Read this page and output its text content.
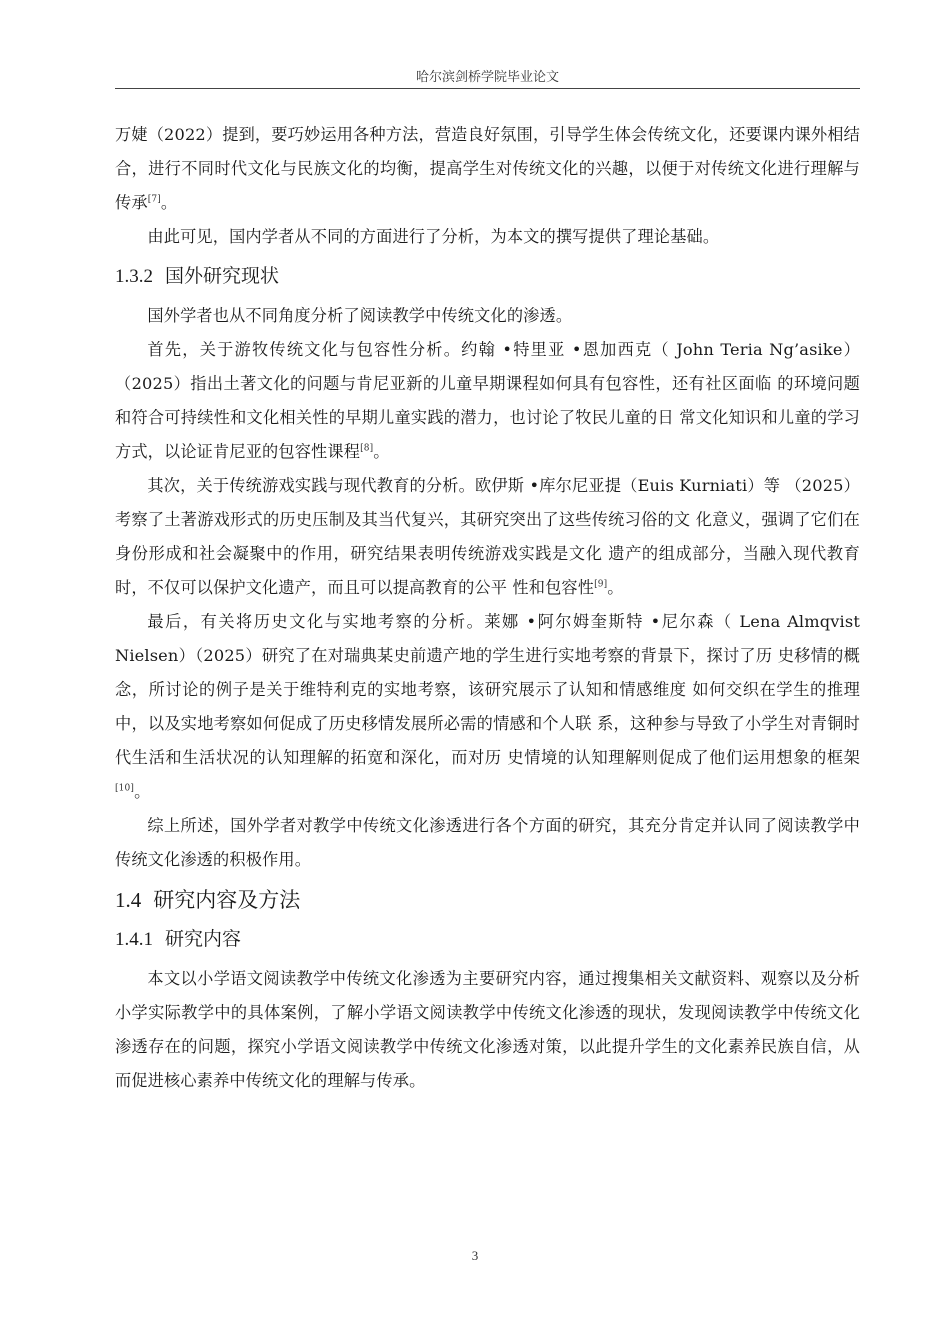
哈尔滨剑桥学院毕业论文

万婕（2022）提到，要巧妙运用各种方法，营造良好氛围，引导学生体会传统文化，还要课内课外相结合，进行不同时代文化与民族文化的均衡，提高学生对传统文化的兴趣，以便于对传统文化进行理解与传承[7]。

由此可见，国内学者从不同的方面进行了分析，为本文的撰写提供了理论基础。

1.3.2 国外研究现状

国外学者也从不同角度分析了阅读教学中传统文化的渗透。

首先，关于游牧传统文化与包容性分析。约翰 •特里亚 •恩加西克（ John Teria Ng’asike）（2025）指出土著文化的问题与肯尼亚新的儿童早期课程如何具有包容性，还有社区面临 的环境问题和符合可持续性和文化相关性的早期儿童实践的潜力，也讨论了牧民儿童的日 常文化知识和儿童的学习方式，以论证肯尼亚的包容性课程[8]。

其次，关于传统游戏实践与现代教育的分析。欧伊斯 •库尔尼亚提（Euis Kurniati）等 （2025）考察了土著游戏形式的历史压制及其当代复兴，其研究突出了这些传统习俗的文 化意义，强调了它们在身份形成和社会凝聚中的作用，研究结果表明传统游戏实践是文化 遗产的组成部分，当融入现代教育时，不仅可以保护文化遗产，而且可以提高教育的公平 性和包容性[9]。

最后，有关将历史文化与实地考察的分析。莱娜 •阿尔姆奎斯特 •尼尔森（ Lena Almqvist Nielsen）（2025）研究了在对瑞典某史前遗产地的学生进行实地考察的背景下，探讨了历 史移情的概念，所讨论的例子是关于维特利克的实地考察，该研究展示了认知和情感维度 如何交织在学生的推理中，以及实地考察如何促成了历史移情发展所必需的情感和个人联 系，这种参与导致了小学生对青铜时代生活和生活状况的认知理解的拓宽和深化，而对历 史情境的认知理解则促成了他们运用想象的框架[10]。

综上所述，国外学者对教学中传统文化渗透进行各个方面的研究，其充分肯定并认同了阅读教学中传统文化渗透的积极作用。

1.4 研究内容及方法
1.4.1 研究内容

本文以小学语文阅读教学中传统文化渗透为主要研究内容，通过搜集相关文献资料、观察以及分析小学实际教学中的具体案例，了解小学语文阅读教学中传统文化渗透的现状，发现阅读教学中传统文化渗透存在的问题，探究小学语文阅读教学中传统文化渗透对策，以此提升学生的文化素养民族自信，从而促进核心素养中传统文化的理解与传承。

3
